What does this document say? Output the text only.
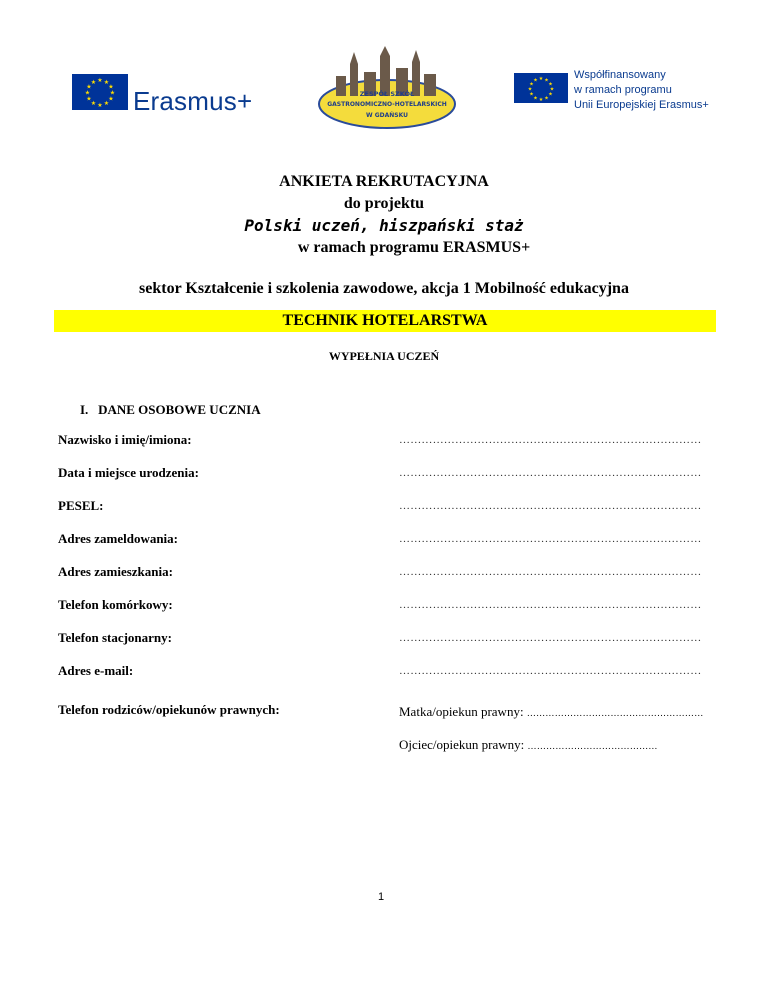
★ ★
★
★
★
★
★
★
★
★
★
★
Erasmus+	ZESPÓŁ SZKÓŁ
GASTRONOMICZNO-HOTELARSKICH
W GDAŃSKU
★ ★
★
★
★
★
★
★
★
★
★
★	Współfinansowany
w ramach programu
Unii Europejskiej Erasmus+
ANKIETA REKRUTACYJNA
do projektu
Polski uczeń, hiszpański staż
w ramach programu ERASMUS+
sektor Kształcenie i szkolenia zawodowe, akcja 1 Mobilność edukacyjna
TECHNIK HOTELARSTWA
WYPEŁNIA UCZEŃ
I. DANE OSOBOWE UCZNIA
Nazwisko i imię/imiona:	………………………………………………………………………
Data i miejsce urodzenia:	………………………………………………………………………
PESEL:	………………………………………………………………………
Adres zameldowania:	………………………………………………………………………
Adres zamieszkania:	………………………………………………………………………
Telefon komórkowy:	………………………………………………………………………
Telefon stacjonarny:	………………………………………………………………………
Adres e-mail:	………………………………………………………………………
Telefon rodziców/opiekunów prawnych:	Matka/opiekun prawny: …………………………………………………
Ojciec/opiekun prawny: ……………………………………
1
